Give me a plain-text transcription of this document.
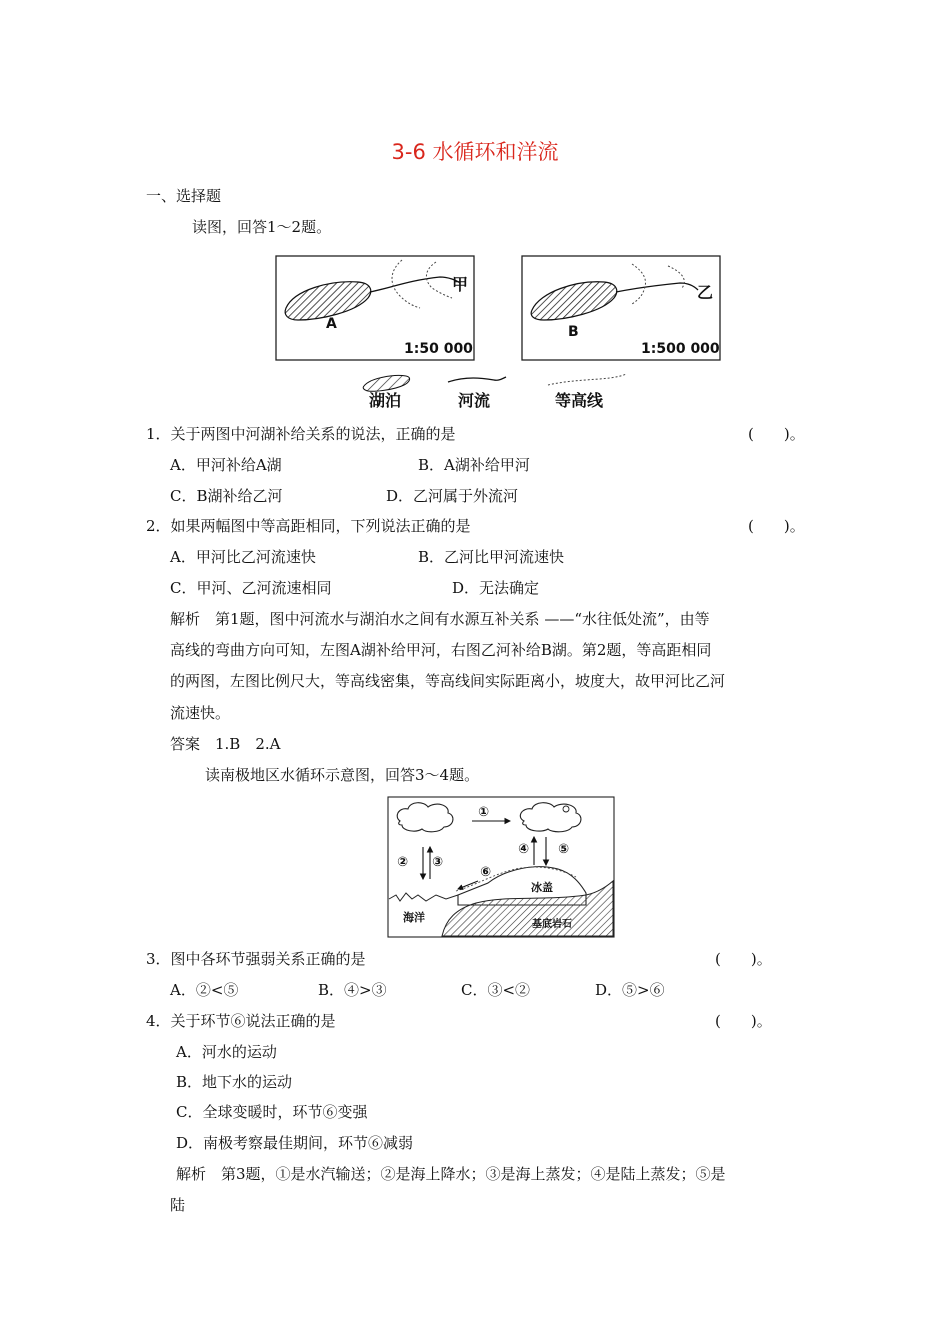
3-6 水循环和洋流
一、选择题
读图，回答1～2题。
甲
A
1:50 000
乙
B
1:500 000
湖泊	河流	等高线
1．关于两图中河湖补给关系的说法，正确的是	(　　)。
A．甲河补给A湖	B．A湖补给甲河
C．B湖补给乙河	D．乙河属于外流河
2．如果两幅图中等高距相同，下列说法正确的是	(　　)。
A．甲河比乙河流速快	B．乙河比甲河流速快
C．甲河、乙河流速相同	D．无法确定
解析　第1题，图中河流水与湖泊水之间有水源互补关系 ——“水往低处流”，由等
高线的弯曲方向可知，左图A湖补给甲河，右图乙河补给B湖。第2题，等高距相同
的两图，左图比例尺大，等高线密集，等高线间实际距离小，坡度大，故甲河比乙河
流速快。
答案　1.B　2.A
读南极地区水循环示意图，回答3～4题。
①
② ③
④ ⑤
⑥
冰盖
海洋
基底岩石
3．图中各环节强弱关系正确的是	(　　)。
A．②<⑤	B．④>③	C．③<②	D．⑤>⑥
4．关于环节⑥说法正确的是	(　　)。
A．河水的运动
B．地下水的运动
C．全球变暖时，环节⑥变强
D．南极考察最佳期间，环节⑥减弱
解析　第3题，①是水汽输送；②是海上降水；③是海上蒸发；④是陆上蒸发；⑤是
陆
